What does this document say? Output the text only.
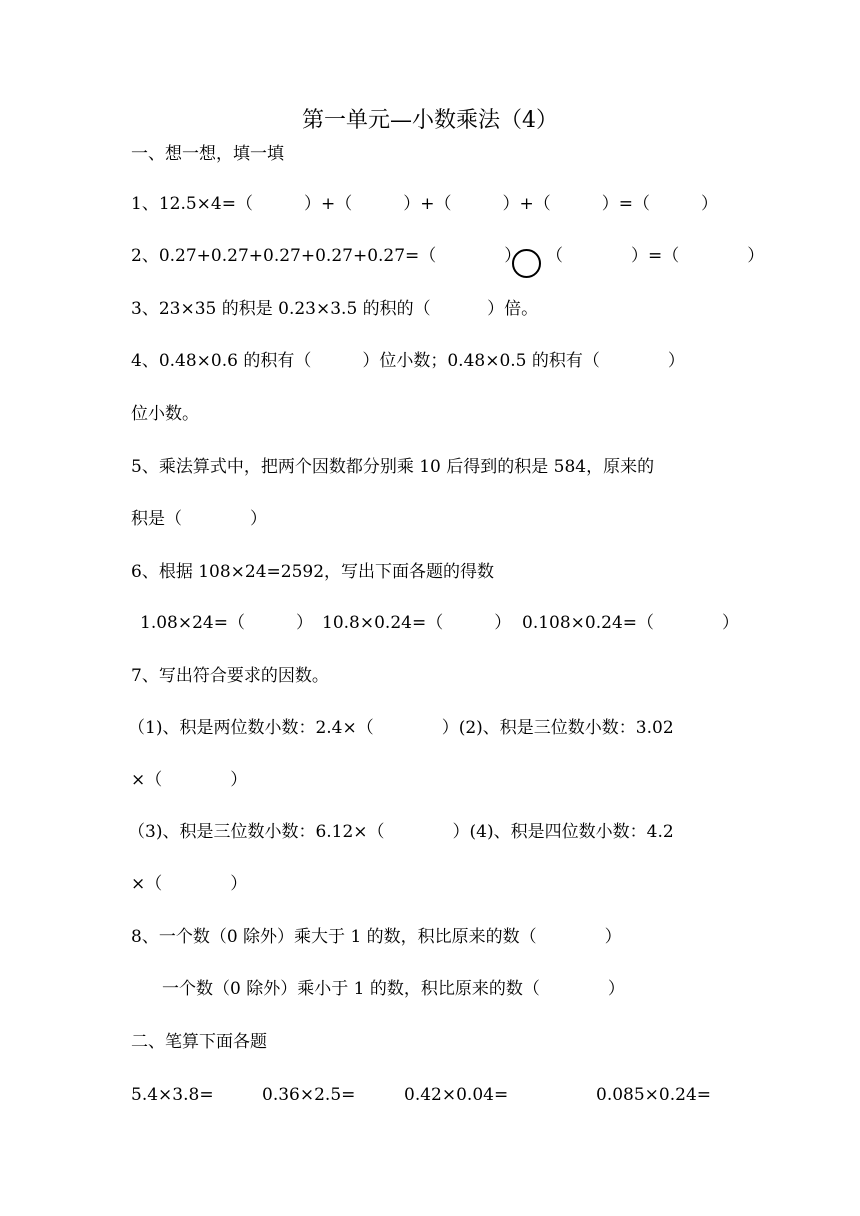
第一单元—小数乘法（4）
一、想一想，填一填
1、12.5×4=（　　　）+（　　　）+（　　　）+（　　　）=（　　　）
2、0.27+0.27+0.27+0.27+0.27=（　　　　） （　　　　）=（　　　　）
3、23×35 的积是 0.23×3.5 的积的（　　　 ）倍。
4、0.48×0.6 的积有（　　　）位小数；0.48×0.5 的积有（　　　　）
位小数。
5、乘法算式中，把两个因数都分别乘 10 后得到的积是 584，原来的
积是（　　　　）
6、根据 108×24=2592，写出下面各题的得数
1.08×24=（　　　） 10.8×0.24=（　　　） 0.108×0.24=（　　　　）
7、写出符合要求的因数。
（1)、积是两位数小数：2.4×（　　　　）(2)、积是三位数小数：3.02
×（　　　　）
（3)、积是三位数小数：6.12×（　　　　）(4)、积是四位数小数：4.2
×（　　　　）
8、一个数（0 除外）乘大于 1 的数，积比原来的数（　　　　）
一个数（0 除外）乘小于 1 的数，积比原来的数（　　　　）
二、笔算下面各题
5.4×3.8=	0.36×2.5=	0.42×0.04=	0.085×0.24=
